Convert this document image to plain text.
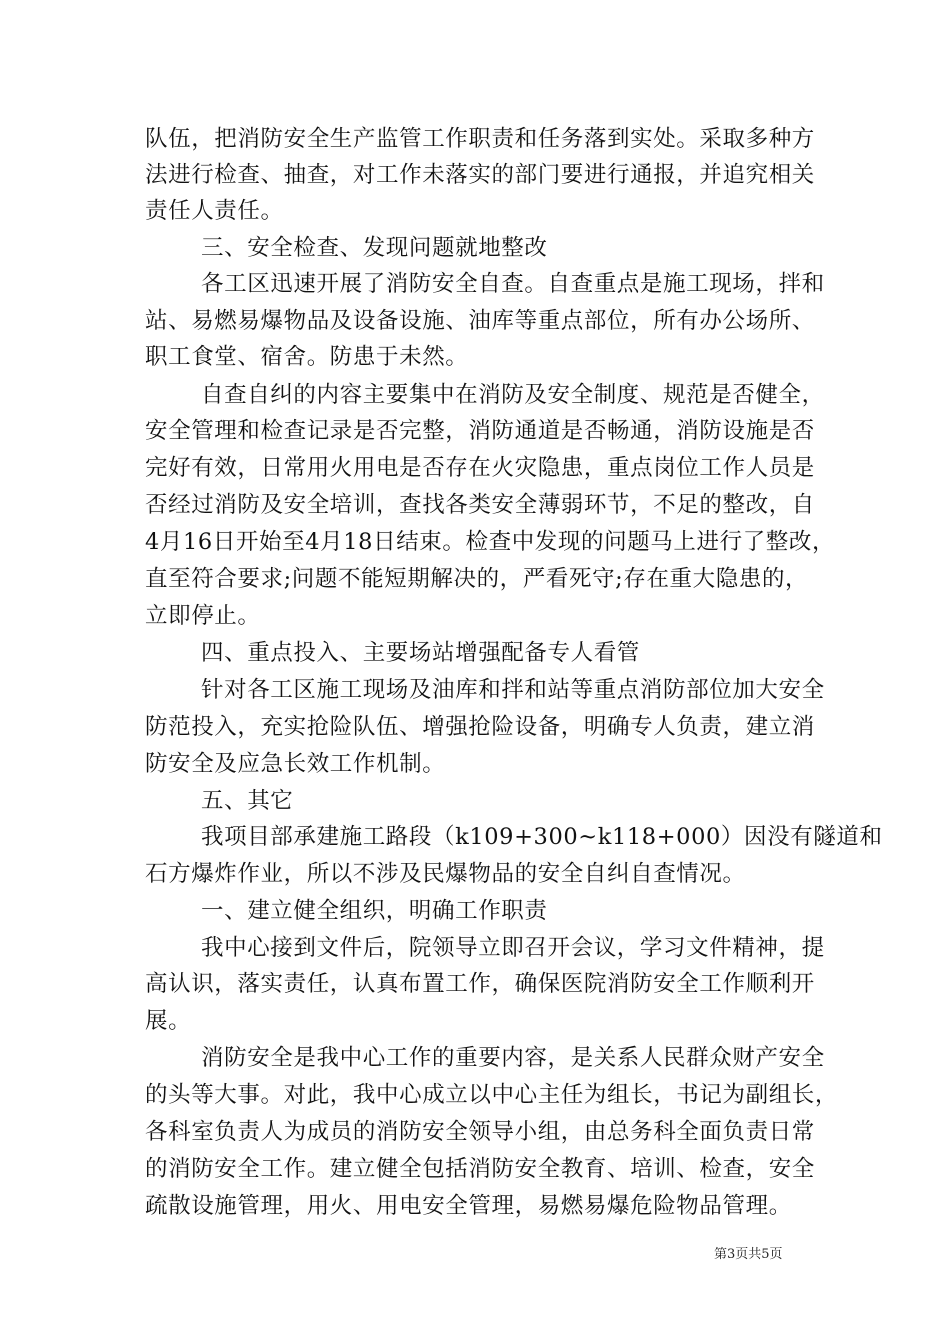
队伍，把消防安全生产监管工作职责和任务落到实处。采取多种方
法进行检查、抽查，对工作未落实的部门要进行通报，并追究相关
责任人责任。
三、安全检查、发现问题就地整改
各工区迅速开展了消防安全自查。自查重点是施工现场，拌和
站、易燃易爆物品及设备设施、油库等重点部位，所有办公场所、
职工食堂、宿舍。防患于未然。
自查自纠的内容主要集中在消防及安全制度、规范是否健全，
安全管理和检查记录是否完整，消防通道是否畅通，消防设施是否
完好有效，日常用火用电是否存在火灾隐患，重点岗位工作人员是
否经过消防及安全培训，查找各类安全薄弱环节，不足的整改，自
4月16日开始至4月18日结束。检查中发现的问题马上进行了整改，
直至符合要求;问题不能短期解决的，严看死守;存在重大隐患的，
立即停止。
四、重点投入、主要场站增强配备专人看管
针对各工区施工现场及油库和拌和站等重点消防部位加大安全
防范投入，充实抢险队伍、增强抢险设备，明确专人负责，建立消
防安全及应急长效工作机制。
五、其它
我项目部承建施工路段（k109+300~k118+000）因没有隧道和
石方爆炸作业，所以不涉及民爆物品的安全自纠自查情况。
一、建立健全组织，明确工作职责
我中心接到文件后，院领导立即召开会议，学习文件精神，提
高认识，落实责任，认真布置工作，确保医院消防安全工作顺利开
展。
消防安全是我中心工作的重要内容，是关系人民群众财产安全
的头等大事。对此，我中心成立以中心主任为组长，书记为副组长，
各科室负责人为成员的消防安全领导小组，由总务科全面负责日常
的消防安全工作。建立健全包括消防安全教育、培训、检查，安全
疏散设施管理，用火、用电安全管理，易燃易爆危险物品管理。
第3页共5页
